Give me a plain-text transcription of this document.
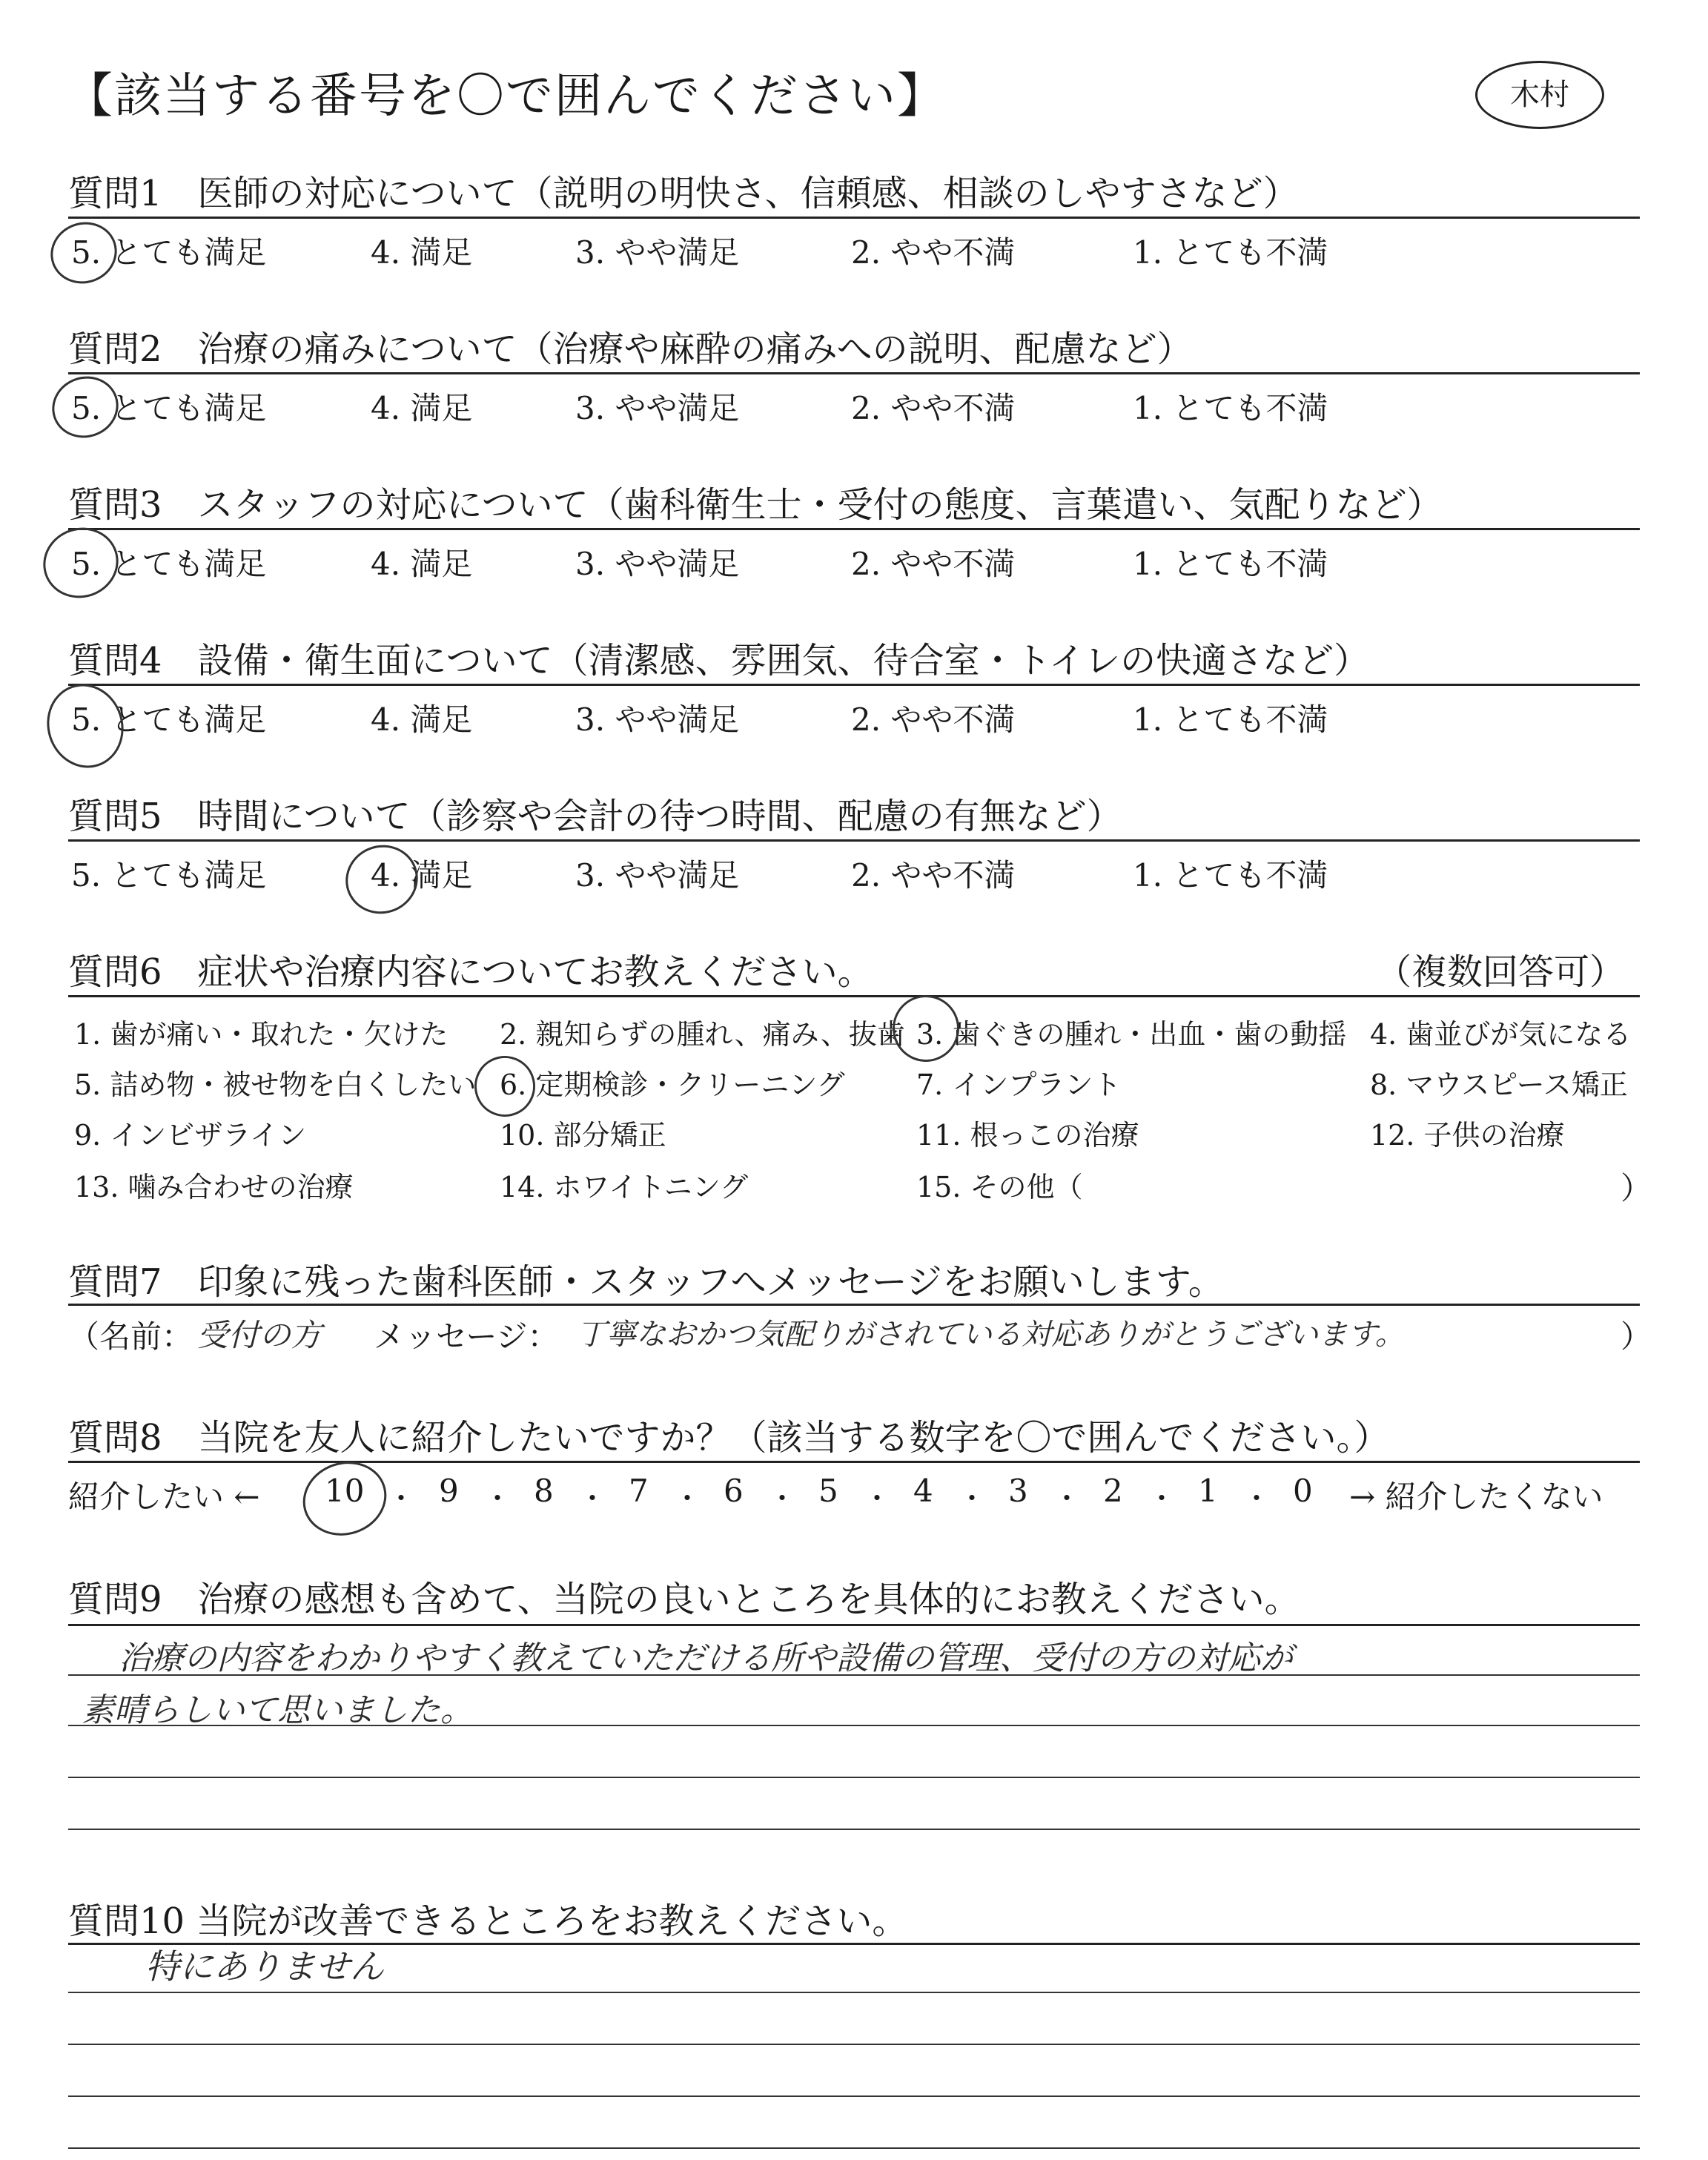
【該当する番号を〇で囲んでください】	木村
質問1　医師の対応について（説明の明快さ、信頼感、相談のしやすさなど）
5. とても満足	4. 満足	3. やや満足	2. やや不満	1. とても不満
質問2　治療の痛みについて（治療や麻酔の痛みへの説明、配慮など）
5. とても満足	4. 満足	3. やや満足	2. やや不満	1. とても不満
質問3　スタッフの対応について（歯科衛生士・受付の態度、言葉遣い、気配りなど）
5. とても満足	4. 満足	3. やや満足	2. やや不満	1. とても不満
質問4　設備・衛生面について（清潔感、雰囲気、待合室・トイレの快適さなど）
5. とても満足	4. 満足	3. やや満足	2. やや不満	1. とても不満
質問5　時間について（診察や会計の待つ時間、配慮の有無など）
5. とても満足	4. 満足	3. やや満足	2. やや不満	1. とても不満
質問6　症状や治療内容についてお教えください。	（複数回答可）
1. 歯が痛い・取れた・欠けた 2. 親知らずの腫れ、痛み、抜歯 3. 歯ぐきの腫れ・出血・歯の動揺 4. 歯並びが気になる
5. 詰め物・被せ物を白くしたい 6. 定期検診・クリーニング	7. インプラント	8. マウスピース矯正
9. インビザライン	10. 部分矯正	11. 根っこの治療	12. 子供の治療
13. 噛み合わせの治療	14. ホワイトニング	15. その他（	）
質問7　印象に残った歯科医師・スタッフへメッセージをお願いします。
（名前： 受付の方 メッセージ： 丁寧なおかつ気配りがされている対応ありがとうございます。	）
質問8　当院を友人に紹介したいですか？（該当する数字を〇で囲んでください。）
紹介したい ← 10 ・ 9 ・ 8 ・ 7 ・ 6 ・ 5 ・ 4 ・ 3 ・ 2 ・ 1 ・ 0 → 紹介したくない
質問9　治療の感想も含めて、当院の良いところを具体的にお教えください。
治療の内容をわかりやすく教えていただける所や設備の管理、受付の方の対応が
素晴らしいて思いました。
質問10 当院が改善できるところをお教えください。
特にありません
